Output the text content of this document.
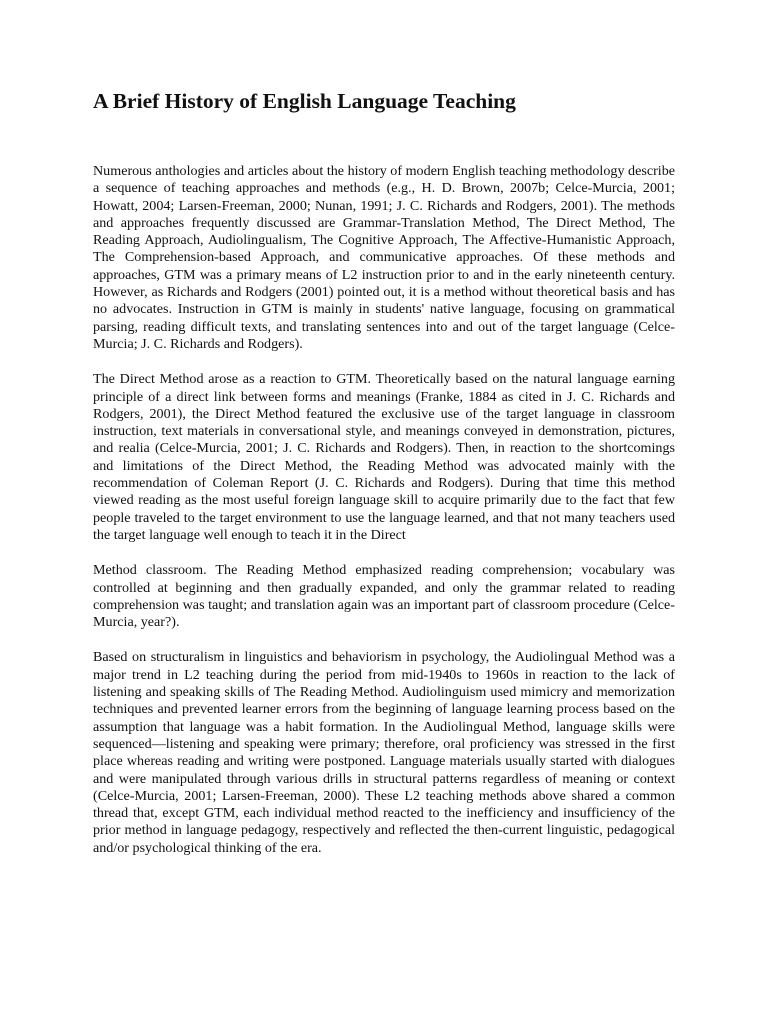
A Brief History of English Language Teaching

Numerous anthologies and articles about the history of modern English teaching methodology describe a sequence of teaching approaches and methods (e.g., H. D. Brown, 2007b; Celce-Murcia, 2001; Howatt, 2004; Larsen-Freeman, 2000; Nunan, 1991; J. C. Richards and Rodgers, 2001). The methods and approaches frequently discussed are Grammar-Translation Method, The Direct Method, The Reading Approach, Audiolingualism, The Cognitive Approach, The Affective-Humanistic Approach, The Comprehension-based Approach, and communicative approaches. Of these methods and approaches, GTM was a primary means of L2 instruction prior to and in the early nineteenth century. However, as Richards and Rodgers (2001) pointed out, it is a method without theoretical basis and has no advocates. Instruction in GTM is mainly in students' native language, focusing on grammatical parsing, reading difficult texts, and translating sentences into and out of the target language (Celce-Murcia; J. C. Richards and Rodgers).

The Direct Method arose as a reaction to GTM. Theoretically based on the natural language earning principle of a direct link between forms and meanings (Franke, 1884 as cited in J. C. Richards and Rodgers, 2001), the Direct Method featured the exclusive use of the target language in classroom instruction, text materials in conversational style, and meanings conveyed in demonstration, pictures, and realia (Celce-Murcia, 2001; J. C. Richards and Rodgers). Then, in reaction to the shortcomings and limitations of the Direct Method, the Reading Method was advocated mainly with the recommendation of Coleman Report (J. C. Richards and Rodgers). During that time this method viewed reading as the most useful foreign language skill to acquire primarily due to the fact that few people traveled to the target environment to use the language learned, and that not many teachers used the target language well enough to teach it in the Direct

Method classroom. The Reading Method emphasized reading comprehension; vocabulary was controlled at beginning and then gradually expanded, and only the grammar related to reading comprehension was taught; and translation again was an important part of classroom procedure (Celce-Murcia, year?).

Based on structuralism in linguistics and behaviorism in psychology, the Audiolingual Method was a major trend in L2 teaching during the period from mid-1940s to 1960s in reaction to the lack of listening and speaking skills of The Reading Method. Audiolinguism used mimicry and memorization techniques and prevented learner errors from the beginning of language learning process based on the assumption that language was a habit formation. In the Audiolingual Method, language skills were sequenced—listening and speaking were primary; therefore, oral proficiency was stressed in the first place whereas reading and writing were postponed. Language materials usually started with dialogues and were manipulated through various drills in structural patterns regardless of meaning or context (Celce-Murcia, 2001; Larsen-Freeman, 2000). These L2 teaching methods above shared a common thread that, except GTM, each individual method reacted to the inefficiency and insufficiency of the prior method in language pedagogy, respectively and reflected the then-current linguistic, pedagogical and/or psychological thinking of the era.
